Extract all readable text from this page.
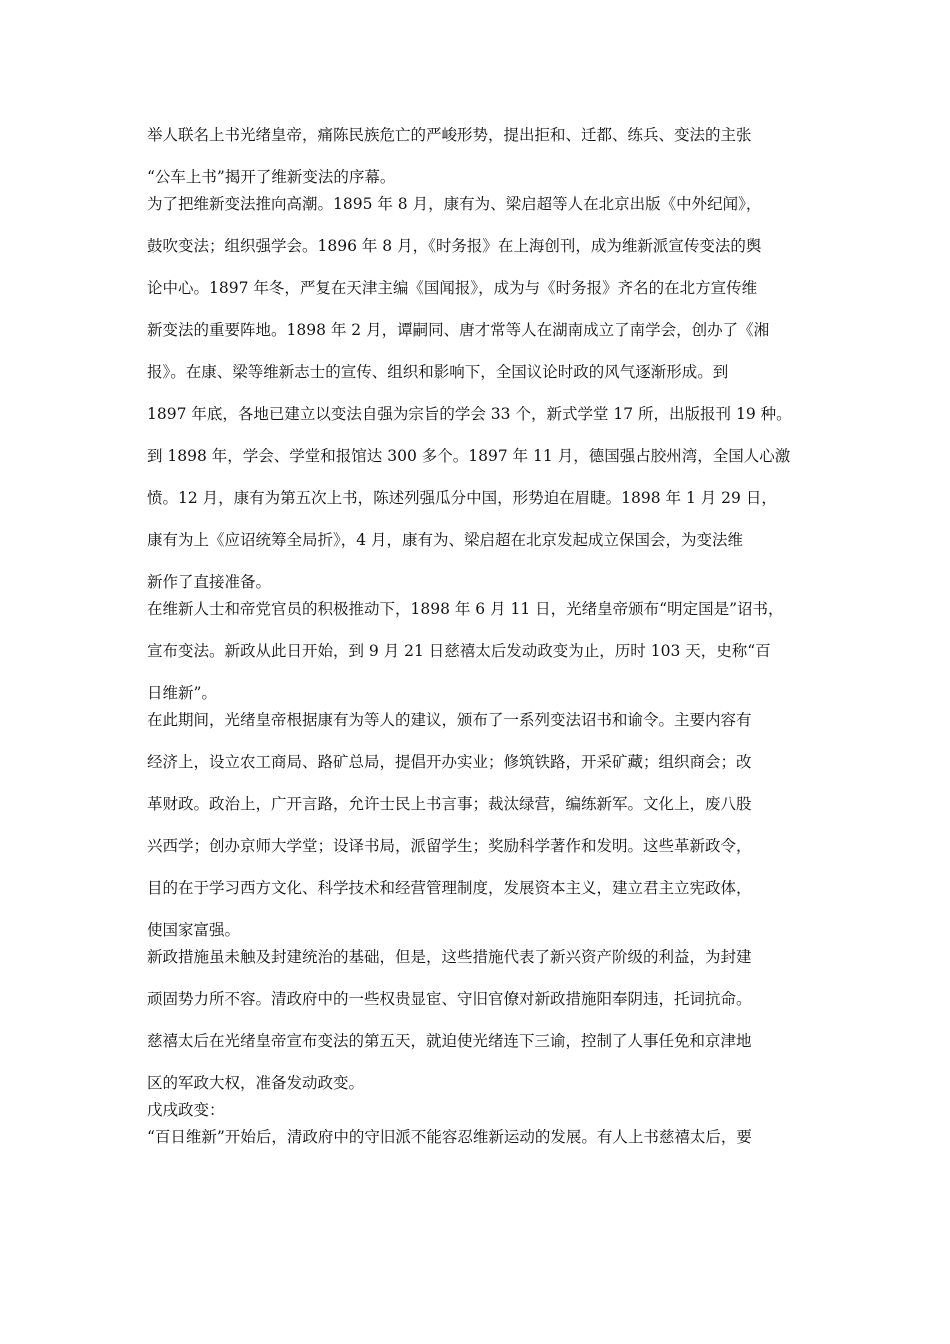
举人联名上书光绪皇帝，痛陈民族危亡的严峻形势，提出拒和、迁都、练兵、变法的主张
“公车上书”揭开了维新变法的序幕。
为了把维新变法推向高潮。1895 年 8 月，康有为、梁启超等人在北京出版《中外纪闻》，
鼓吹变法；组织强学会。1896 年 8 月，《时务报》在上海创刊，成为维新派宣传变法的舆
论中心。1897 年冬，严复在天津主编《国闻报》，成为与《时务报》齐名的在北方宣传维
新变法的重要阵地。1898 年 2 月，谭嗣同、唐才常等人在湖南成立了南学会，创办了《湘
报》。在康、梁等维新志士的宣传、组织和影响下，全国议论时政的风气逐渐形成。到
1897 年底，各地已建立以变法自强为宗旨的学会 33 个，新式学堂 17 所，出版报刊 19 种。
到 1898 年，学会、学堂和报馆达 300 多个。1897 年 11 月，德国强占胶州湾，全国人心激
愤。12 月，康有为第五次上书，陈述列强瓜分中国，形势迫在眉睫。1898 年 1 月 29 日，
康有为上《应诏统筹全局折》，4 月，康有为、梁启超在北京发起成立保国会，为变法维
新作了直接准备。
在维新人士和帝党官员的积极推动下，1898 年 6 月 11 日，光绪皇帝颁布“明定国是”诏书，
宣布变法。新政从此日开始，到 9 月 21 日慈禧太后发动政变为止，历时 103 天，史称“百
日维新”。
在此期间，光绪皇帝根据康有为等人的建议，颁布了一系列变法诏书和谕令。主要内容有
经济上，设立农工商局、路矿总局，提倡开办实业；修筑铁路，开采矿藏；组织商会；改
革财政。政治上，广开言路，允许士民上书言事；裁汰绿营，编练新军。文化上，废八股
兴西学；创办京师大学堂；设译书局，派留学生；奖励科学著作和发明。这些革新政令，
目的在于学习西方文化、科学技术和经营管理制度，发展资本主义，建立君主立宪政体，
使国家富强。
新政措施虽未触及封建统治的基础，但是，这些措施代表了新兴资产阶级的利益，为封建
顽固势力所不容。清政府中的一些权贵显宦、守旧官僚对新政措施阳奉阴违，托词抗命。
慈禧太后在光绪皇帝宣布变法的第五天，就迫使光绪连下三谕，控制了人事任免和京津地
区的军政大权，准备发动政变。
戊戌政变：
“百日维新”开始后，清政府中的守旧派不能容忍维新运动的发展。有人上书慈禧太后，要
